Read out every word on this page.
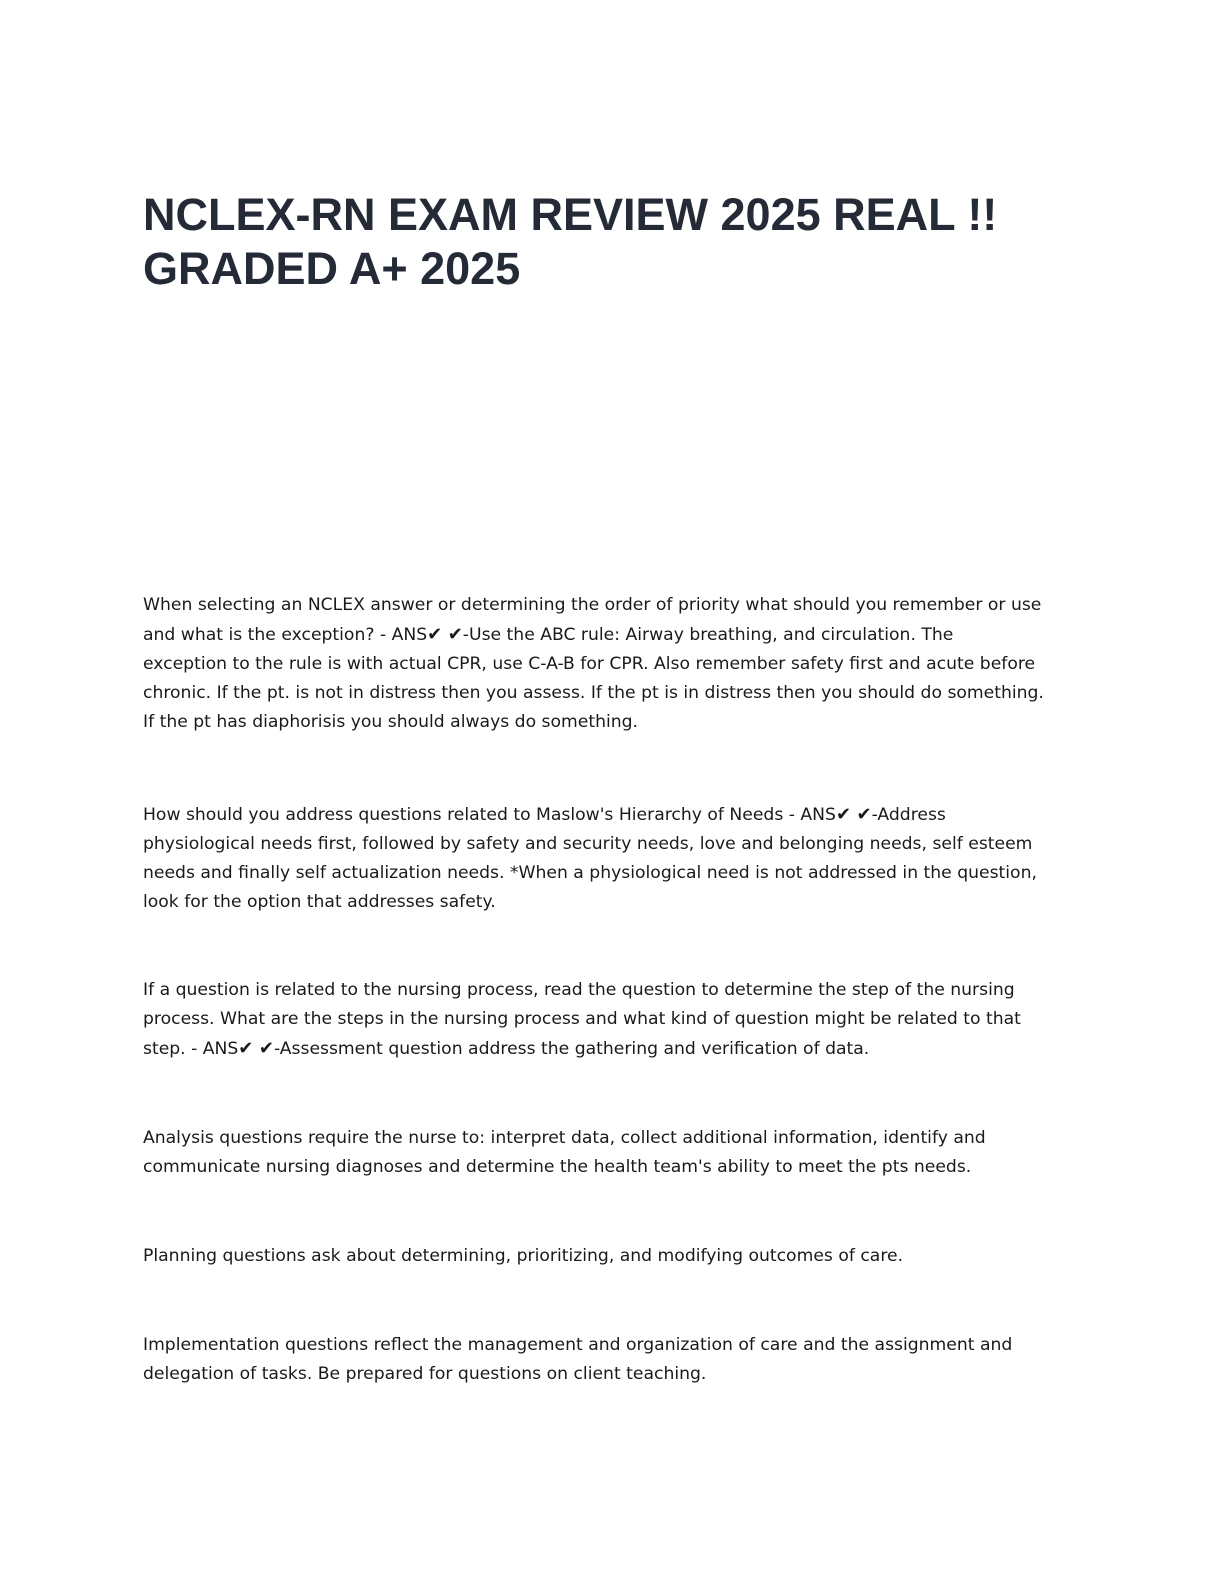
NCLEX-RN EXAM REVIEW 2025 REAL !!
GRADED A+ 2025
When selecting an NCLEX answer or determining the order of priority what should you remember or use
and what is the exception? - ANS✔ ✔-Use the ABC rule: Airway breathing, and circulation. The
exception to the rule is with actual CPR, use C-A-B for CPR. Also remember safety first and acute before
chronic. If the pt. is not in distress then you assess. If the pt is in distress then you should do something.
If the pt has diaphorisis you should always do something.
How should you address questions related to Maslow's Hierarchy of Needs - ANS✔ ✔-Address
physiological needs first, followed by safety and security needs, love and belonging needs, self esteem
needs and finally self actualization needs. *When a physiological need is not addressed in the question,
look for the option that addresses safety.
If a question is related to the nursing process, read the question to determine the step of the nursing
process. What are the steps in the nursing process and what kind of question might be related to that
step. - ANS✔ ✔-Assessment question address the gathering and verification of data.
Analysis questions require the nurse to: interpret data, collect additional information, identify and
communicate nursing diagnoses and determine the health team's ability to meet the pts needs.
Planning questions ask about determining, prioritizing, and modifying outcomes of care.
Implementation questions reflect the management and organization of care and the assignment and
delegation of tasks. Be prepared for questions on client teaching.
